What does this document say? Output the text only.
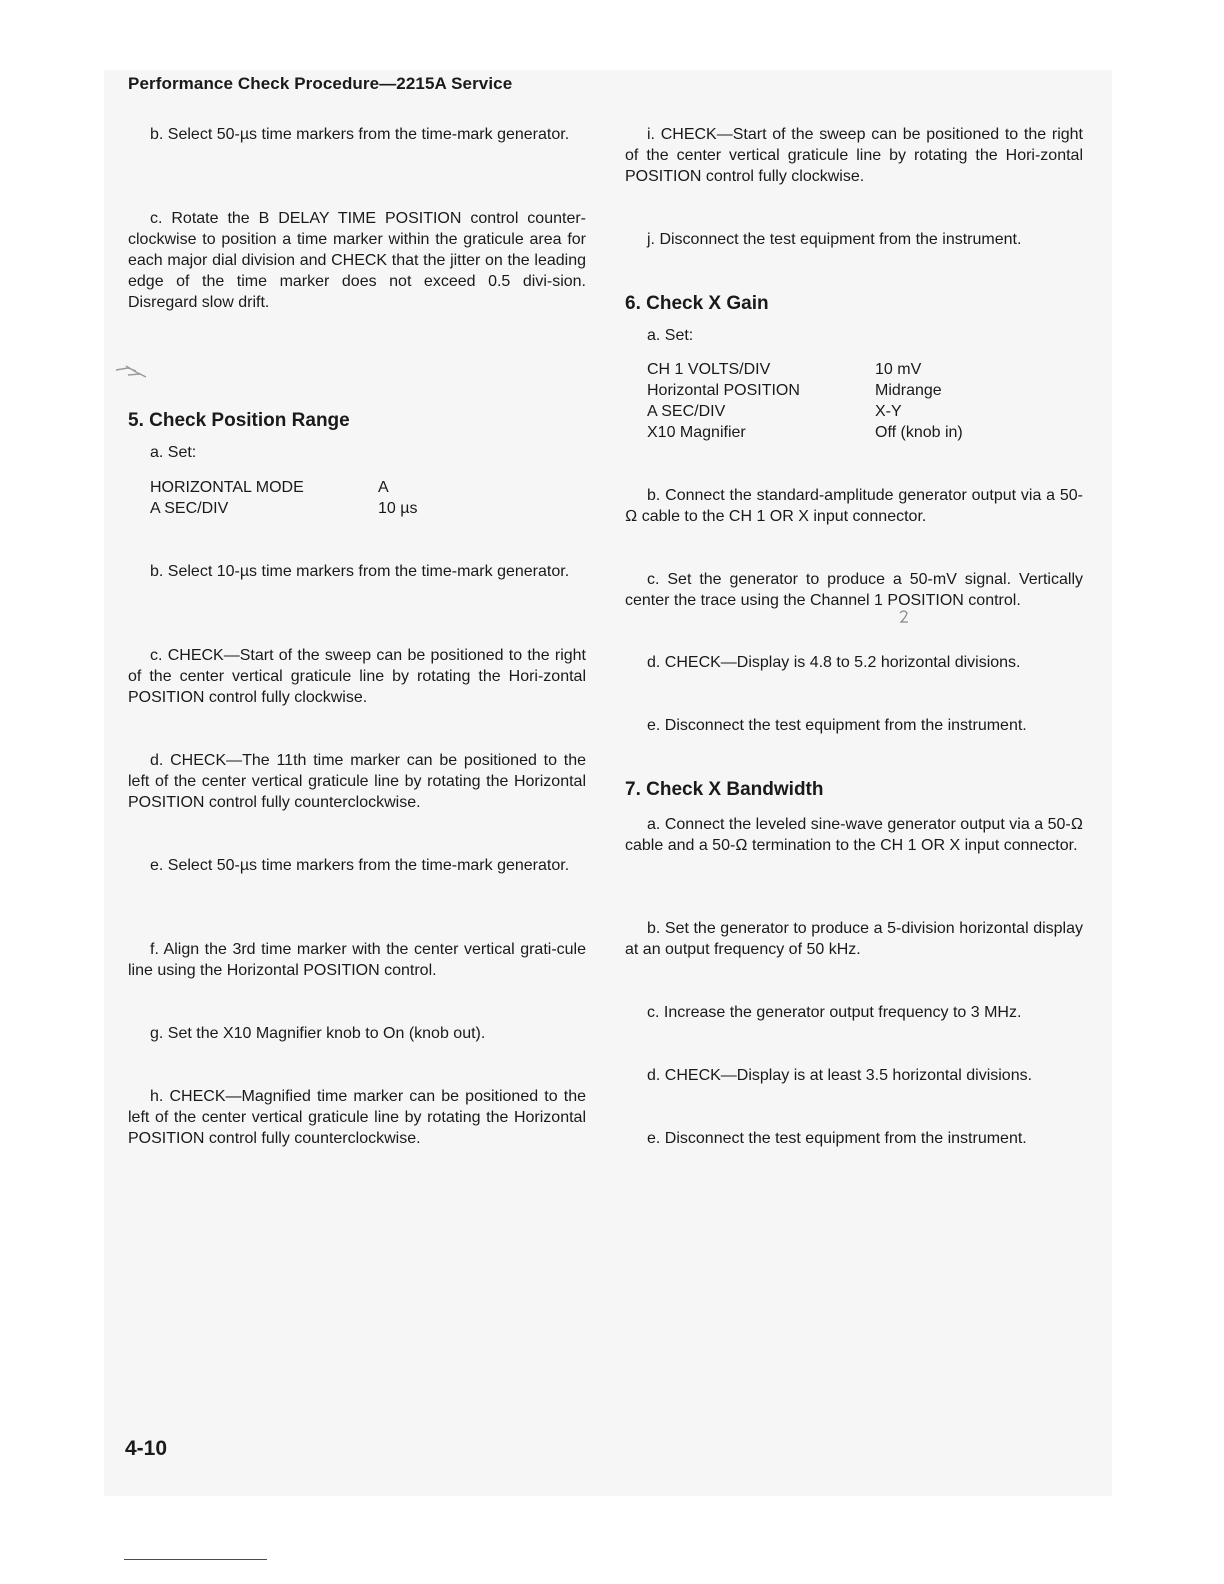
Performance Check Procedure—2215A Service

b. Select 50-µs time markers from the time-mark generator.

c. Rotate the B DELAY TIME POSITION control counter-clockwise to position a time marker within the graticule area for each major dial division and CHECK that the jitter on the leading edge of the time marker does not exceed 0.5 divi-sion. Disregard slow drift.

5. Check Position Range

a. Set:

HORIZONTAL MODE	A
A SEC/DIV	10 µs

b. Select 10-µs time markers from the time-mark generator.

c. CHECK—Start of the sweep can be positioned to the right of the center vertical graticule line by rotating the Hori-zontal POSITION control fully clockwise.

d. CHECK—The 11th time marker can be positioned to the left of the center vertical graticule line by rotating the Horizontal POSITION control fully counterclockwise.

e. Select 50-µs time markers from the time-mark generator.

f. Align the 3rd time marker with the center vertical grati-cule line using the Horizontal POSITION control.

g. Set the X10 Magnifier knob to On (knob out).

h. CHECK—Magnified time marker can be positioned to the left of the center vertical graticule line by rotating the Horizontal POSITION control fully counterclockwise.

i. CHECK—Start of the sweep can be positioned to the right of the center vertical graticule line by rotating the Hori-zontal POSITION control fully clockwise.

j. Disconnect the test equipment from the instrument.

6. Check X Gain

a. Set:

CH 1 VOLTS/DIV	10 mV
Horizontal POSITION	Midrange
A SEC/DIV	X-Y
X10 Magnifier	Off (knob in)

b. Connect the standard-amplitude generator output via a 50-Ω cable to the CH 1 OR X input connector.

c. Set the generator to produce a 50-mV signal. Vertically center the trace using the Channel 1 POSITION control.

d. CHECK—Display is 4.8 to 5.2 horizontal divisions.

e. Disconnect the test equipment from the instrument.

7. Check X Bandwidth

a. Connect the leveled sine-wave generator output via a 50-Ω cable and a 50-Ω termination to the CH 1 OR X input connector.

b. Set the generator to produce a 5-division horizontal display at an output frequency of 50 kHz.

c. Increase the generator output frequency to 3 MHz.

d. CHECK—Display is at least 3.5 horizontal divisions.

e. Disconnect the test equipment from the instrument.

4-10
